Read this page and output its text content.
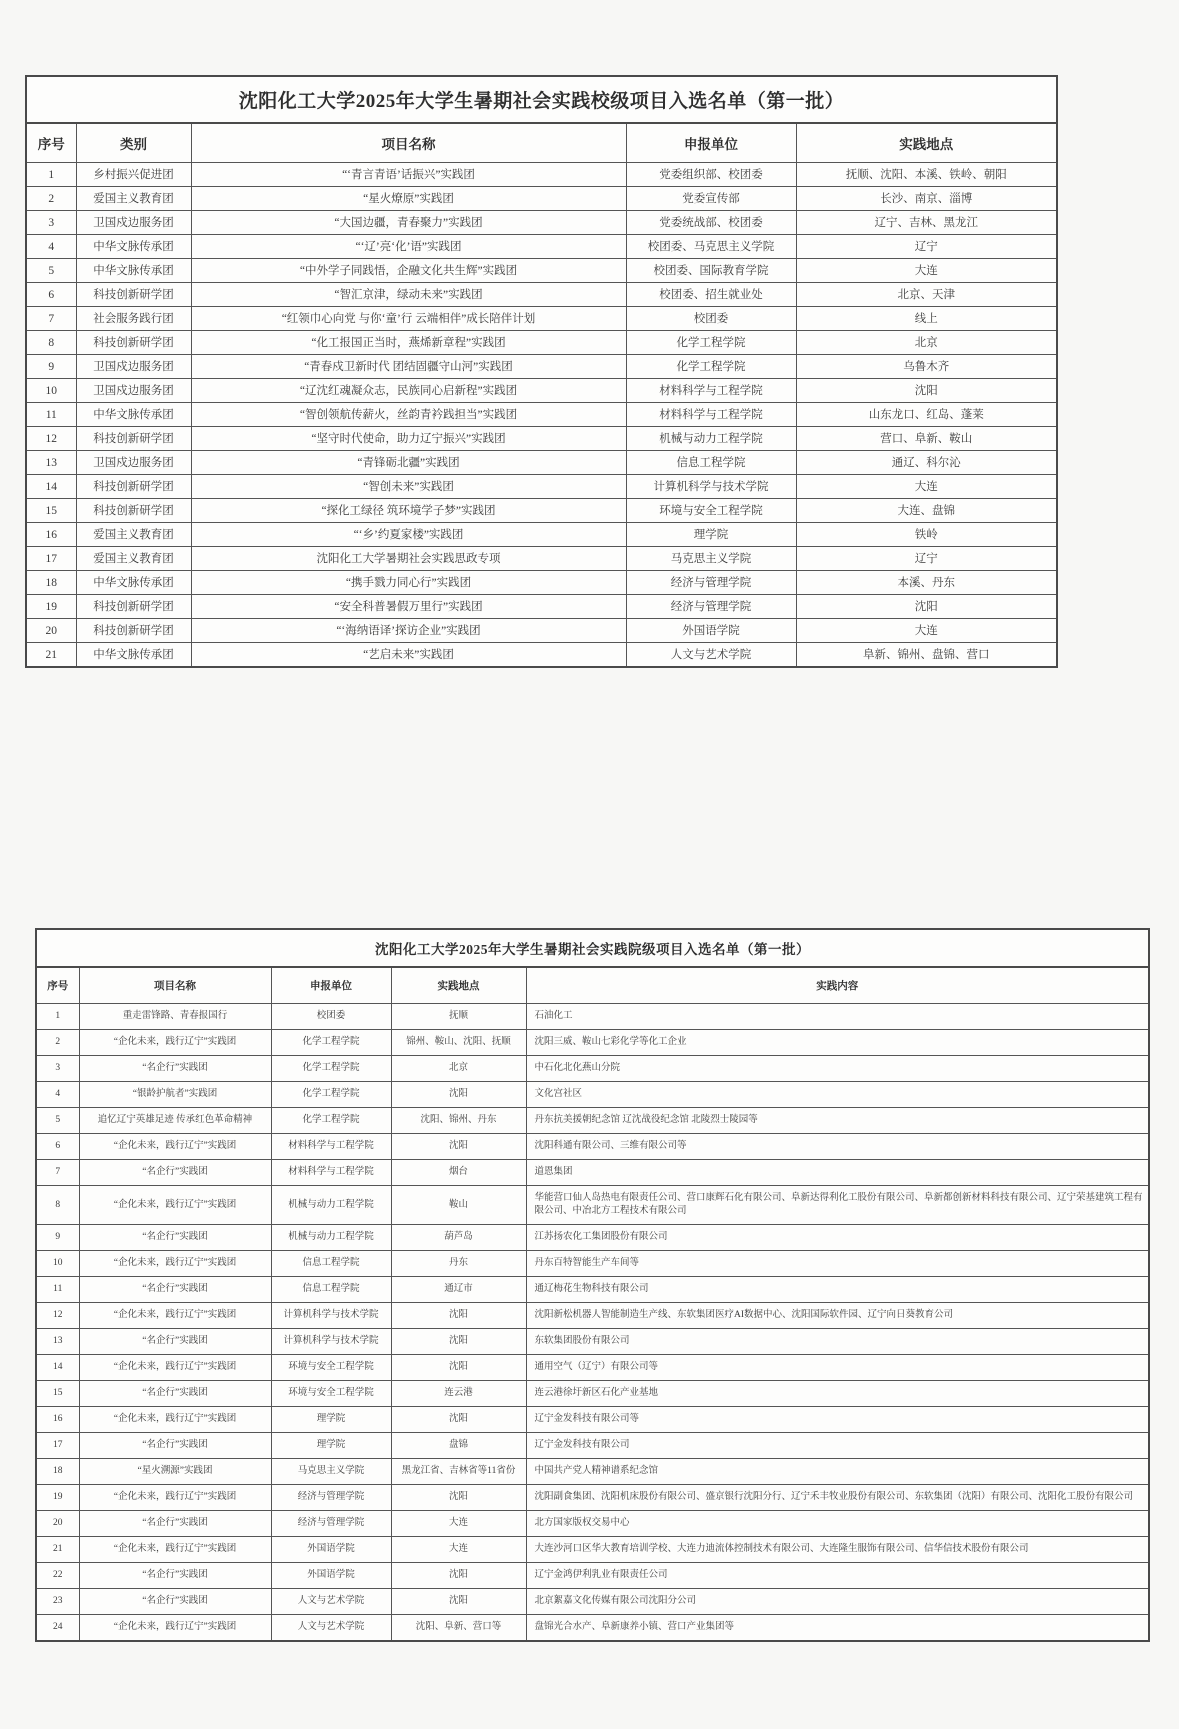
沈阳化工大学2025年大学生暑期社会实践校级项目入选名单（第一批）
序号	类别	项目名称	申报单位	实践地点
1	乡村振兴促进团	“‘青言青语’话振兴”实践团	党委组织部、校团委	抚顺、沈阳、本溪、铁岭、朝阳
2	爱国主义教育团	“星火燎原”实践团	党委宣传部	长沙、南京、淄博
3	卫国戍边服务团	“大国边疆，青春聚力”实践团	党委统战部、校团委	辽宁、吉林、黑龙江
4	中华文脉传承团	“‘辽’亮‘化’语”实践团	校团委、马克思主义学院	辽宁
5	中华文脉传承团	“中外学子同践悟，企融文化共生辉”实践团	校团委、国际教育学院	大连
6	科技创新研学团	“智汇京津，绿动未来”实践团	校团委、招生就业处	北京、天津
7	社会服务践行团	“红领巾心向党 与你‘童’行 云端相伴”成长陪伴计划	校团委	线上
8	科技创新研学团	“化工报国正当时，燕烯新章程”实践团	化学工程学院	北京
9	卫国戍边服务团	“青春戍卫新时代 团结固疆守山河”实践团	化学工程学院	乌鲁木齐
10	卫国戍边服务团	“辽沈红魂凝众志，民族同心启新程”实践团	材料科学与工程学院	沈阳
11	中华文脉传承团	“智创领航传薪火，丝韵青衿践担当”实践团	材料科学与工程学院	山东龙口、红岛、蓬莱
12	科技创新研学团	“坚守时代使命，助力辽宁振兴”实践团	机械与动力工程学院	营口、阜新、鞍山
13	卫国戍边服务团	“青锋砺北疆”实践团	信息工程学院	通辽、科尔沁
14	科技创新研学团	“智创未来”实践团	计算机科学与技术学院	大连
15	科技创新研学团	“探化工绿径 筑环境学子梦”实践团	环境与安全工程学院	大连、盘锦
16	爱国主义教育团	“‘乡’约夏家楼”实践团	理学院	铁岭
17	爱国主义教育团	沈阳化工大学暑期社会实践思政专项	马克思主义学院	辽宁
18	中华文脉传承团	“携手戮力同心行”实践团	经济与管理学院	本溪、丹东
19	科技创新研学团	“安全科普暑假万里行”实践团	经济与管理学院	沈阳
20	科技创新研学团	“‘海纳语译’探访企业”实践团	外国语学院	大连
21	中华文脉传承团	“艺启未来”实践团	人文与艺术学院	阜新、锦州、盘锦、营口
沈阳化工大学2025年大学生暑期社会实践院级项目入选名单（第一批）
序号	项目名称	申报单位	实践地点	实践内容
1	重走雷锋路、青春报国行	校团委	抚顺	石油化工
2	“企化未来，践行辽宁”实践团	化学工程学院	锦州、鞍山、沈阳、抚顺	沈阳三威、鞍山七彩化学等化工企业
3	“名企行”实践团	化学工程学院	北京	中石化北化燕山分院
4	“银龄护航者”实践团	化学工程学院	沈阳	文化宫社区
5	追忆辽宁英雄足迹 传承红色革命精神	化学工程学院	沈阳、锦州、丹东	丹东抗美援朝纪念馆 辽沈战役纪念馆 北陵烈士陵园等
6	“企化未来，践行辽宁”实践团	材料科学与工程学院	沈阳	沈阳科通有限公司、三维有限公司等
7	“名企行”实践团	材料科学与工程学院	烟台	道恩集团
8	“企化未来，践行辽宁”实践团	机械与动力工程学院	鞍山	华能营口仙人岛热电有限责任公司、营口康辉石化有限公司、阜新达得利化工股份有限公司、阜新都创新材料科技有限公司、辽宁荣基建筑工程有限公司、中冶北方工程技术有限公司
9	“名企行”实践团	机械与动力工程学院	葫芦岛	江苏扬农化工集团股份有限公司
10	“企化未来，践行辽宁”实践团	信息工程学院	丹东	丹东百特智能生产车间等
11	“名企行”实践团	信息工程学院	通辽市	通辽梅花生物科技有限公司
12	“企化未来，践行辽宁”实践团	计算机科学与技术学院	沈阳	沈阳新松机器人智能制造生产线、东软集团医疗AI数据中心、沈阳国际软件园、辽宁向日葵教育公司
13	“名企行”实践团	计算机科学与技术学院	沈阳	东软集团股份有限公司
14	“企化未来，践行辽宁”实践团	环境与安全工程学院	沈阳	通用空气（辽宁）有限公司等
15	“名企行”实践团	环境与安全工程学院	连云港	连云港徐圩新区石化产业基地
16	“企化未来，践行辽宁”实践团	理学院	沈阳	辽宁金发科技有限公司等
17	“名企行”实践团	理学院	盘锦	辽宁金发科技有限公司
18	“星火溯源”实践团	马克思主义学院	黑龙江省、吉林省等11省份	中国共产党人精神谱系纪念馆
19	“企化未来，践行辽宁”实践团	经济与管理学院	沈阳	沈阳副食集团、沈阳机床股份有限公司、盛京银行沈阳分行、辽宁禾丰牧业股份有限公司、东软集团（沈阳）有限公司、沈阳化工股份有限公司
20	“名企行”实践团	经济与管理学院	大连	北方国家版权交易中心
21	“企化未来，践行辽宁”实践团	外国语学院	大连	大连沙河口区华大教育培训学校、大连力迪流体控制技术有限公司、大连隆生服饰有限公司、信华信技术股份有限公司
22	“名企行”实践团	外国语学院	沈阳	辽宁金鸿伊利乳业有限责任公司
23	“名企行”实践团	人文与艺术学院	沈阳	北京絮嘉文化传媒有限公司沈阳分公司
24	“企化未来，践行辽宁”实践团	人文与艺术学院	沈阳、阜新、营口等	盘锦光合水产、阜新康养小镇、营口产业集团等
